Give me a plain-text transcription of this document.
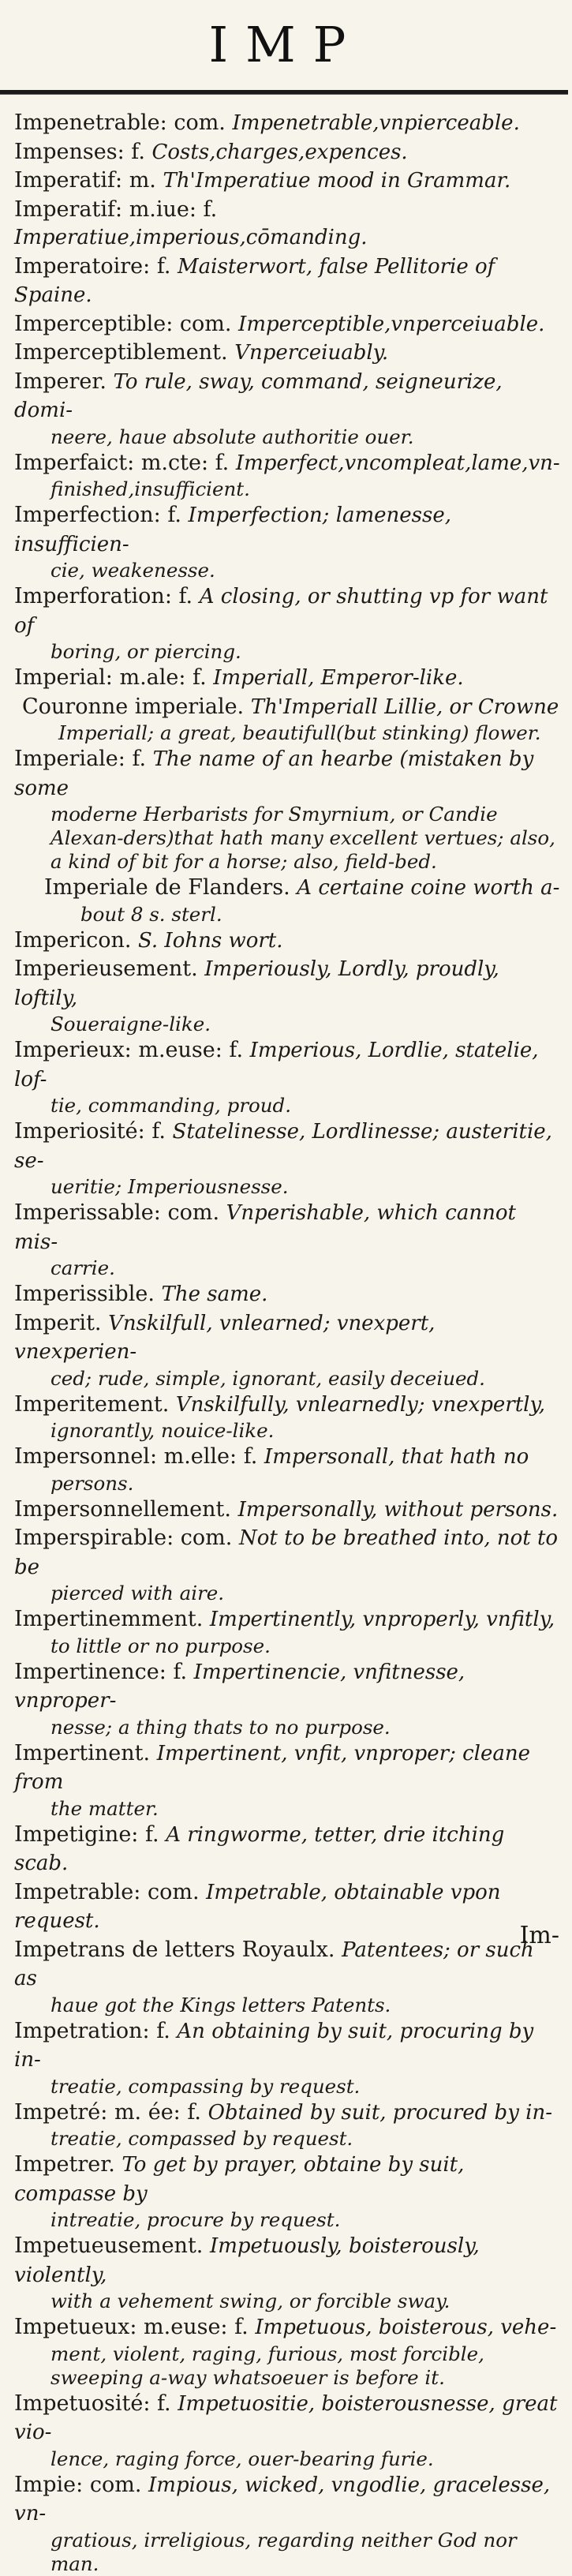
IMP

Impenetrable: com. Impenetrable,vnpierceable.

Impenses: f. Costs,charges,expences.

Imperatif: m. Th'Imperatiue mood in Grammar.

Imperatif: m.iue: f. Imperatiue,imperious,cōmanding.

Imperatoire: f. Maisterwort, false Pellitorie of Spaine.

Imperceptible: com. Imperceptible,vnperceiuable.

Imperceptiblement. Vnperceiuably.

Imperer. To rule, sway, command, seigneurize, domi-
neere, haue absolute authoritie ouer.

Imperfaict: m.cte: f. Imperfect,vncompleat,lame,vn-
finished,insufficient.

Imperfection: f. Imperfection; lamenesse, insufficien-
cie, weakenesse.

Imperforation: f. A closing, or shutting vp for want of
boring, or piercing.

Imperial: m.ale: f. Imperiall, Emperor-like.

Couronne imperiale. Th'Imperiall Lillie, or Crowne
Imperiall; a great, beautifull(but stinking) flower.

Imperiale: f. The name of an hearbe (mistaken by some
moderne Herbarists for Smyrnium, or Candie Alexan-ders)that hath many excellent vertues; also, a kind of bit for a horse; also, field-bed.

Imperiale de Flanders. A certaine coine worth a-
bout 8 s. sterl.

Impericon. S. Iohns wort.

Imperieusement. Imperiously, Lordly, proudly, loftily,
Soueraigne-like.

Imperieux: m.euse: f. Imperious, Lordlie, statelie, lof-
tie, commanding, proud.

Imperiosité: f. Statelinesse, Lordlinesse; austeritie, se-
ueritie; Imperiousnesse.

Imperissable: com. Vnperishable, which cannot mis-
carrie.

Imperissible. The same.

Imperit. Vnskilfull, vnlearned; vnexpert, vnexperien-
ced; rude, simple, ignorant, easily deceiued.

Imperitement. Vnskilfully, vnlearnedly; vnexpertly,
ignorantly, nouice-like.

Impersonnel: m.elle: f. Impersonall, that hath no
persons.

Impersonnellement. Impersonally, without persons.

Imperspirable: com. Not to be breathed into, not to be
pierced with aire.

Impertinemment. Impertinently, vnproperly, vnfitly,
to little or no purpose.

Impertinence: f. Impertinencie, vnfitnesse, vnproper-
nesse; a thing thats to no purpose.

Impertinent. Impertinent, vnfit, vnproper; cleane from
the matter.

Impetigine: f. A ringworme, tetter, drie itching scab.

Impetrable: com. Impetrable, obtainable vpon request.

Impetrans de letters Royaulx. Patentees; or such as
haue got the Kings letters Patents.

Impetration: f. An obtaining by suit, procuring by in-
treatie, compassing by request.

Impetré: m. ée: f. Obtained by suit, procured by in-
treatie, compassed by request.

Impetrer. To get by prayer, obtaine by suit, compasse by
intreatie, procure by request.

Impetueusement. Impetuously, boisterously, violently,
with a vehement swing, or forcible sway.

Impetueux: m.euse: f. Impetuous, boisterous, vehe-
ment, violent, raging, furious, most forcible, sweeping a-way whatsoeuer is before it.

Impetuosité: f. Impetuositie, boisterousnesse, great vio-
lence, raging force, ouer-bearing furie.

Impie: com. Impious, wicked, vngodlie, gracelesse, vn-
gratious, irreligious, regarding neither God nor man.

Im-
